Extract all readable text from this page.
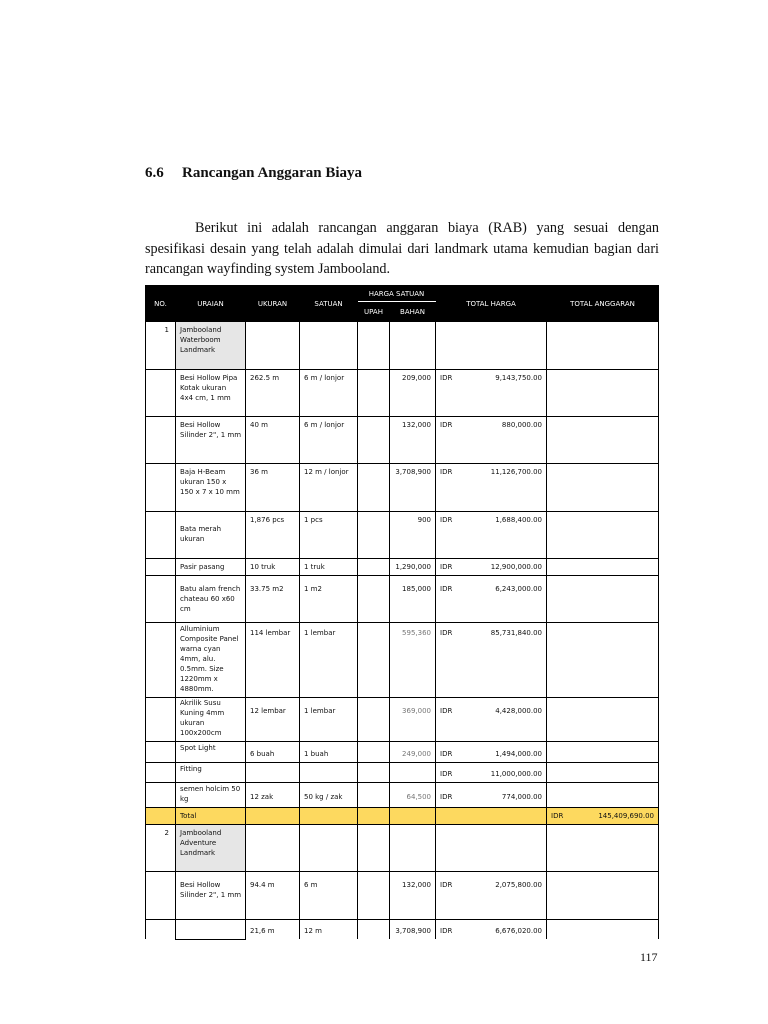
6.6 Rancangan Anggaran Biaya

Berikut ini adalah rancangan anggaran biaya (RAB) yang sesuai dengan spesifikasi desain yang telah adalah dimulai dari landmark utama kemudian bagian dari rancangan wayfinding system Jambooland.

NO.	URAIAN	UKURAN	SATUAN	HARGA SATUAN		TOTAL HARGA	TOTAL ANGGARAN
				UPAH	BAHAN		
1	Jambooland Waterboom Landmark						
	Besi Hollow Pipa Kotak ukuran 4x4 cm, 1 mm	262.5 m	6 m / lonjor		209,000	IDR 9,143,750.00	

	Besi Hollow Silinder 2", 1 mm	40 m	6 m / lonjor		132,000	IDR 880,000.00	

	Baja H-Beam ukuran 150 x 150 x 7 x 10 mm	36 m	12 m / lonjor		3,708,900	IDR 11,126,700.00	

	Bata merah ukuran	1,876 pcs	1 pcs		900	IDR 1,688,400.00	

	Pasir pasang	10 truk	1 truk		1,290,000	IDR 12,900,000.00	

	Batu alam french chateau 60 x60 cm	33.75 m2	1 m2		185,000	IDR 6,243,000.00	

	Alluminium Composite Panel warna cyan 4mm, alu. 0.5mm. Size 1220mm x 4880mm.	114 lembar	1 lembar		595,360	IDR 85,731,840.00	

	Akrilik Susu Kuning 4mm ukuran 100x200cm	12 lembar	1 lembar		369,000	IDR 4,428,000.00	

	Spot Light	6 buah	1 buah		249,000	IDR 1,494,000.00	

	Fitting					IDR 11,000,000.00	

	semen holcim 50 kg	12 zak	50 kg / zak		64,500	IDR 774,000.00	

	Total						IDR 145,409,690.00

2	Jambooland Adventure Landmark						
	Besi Hollow Silinder 2", 1 mm	94.4 m	6 m		132,000	IDR 2,075,800.00	

		21,6 m	12 m		3,708,900	IDR 6,676,020.00	

117
